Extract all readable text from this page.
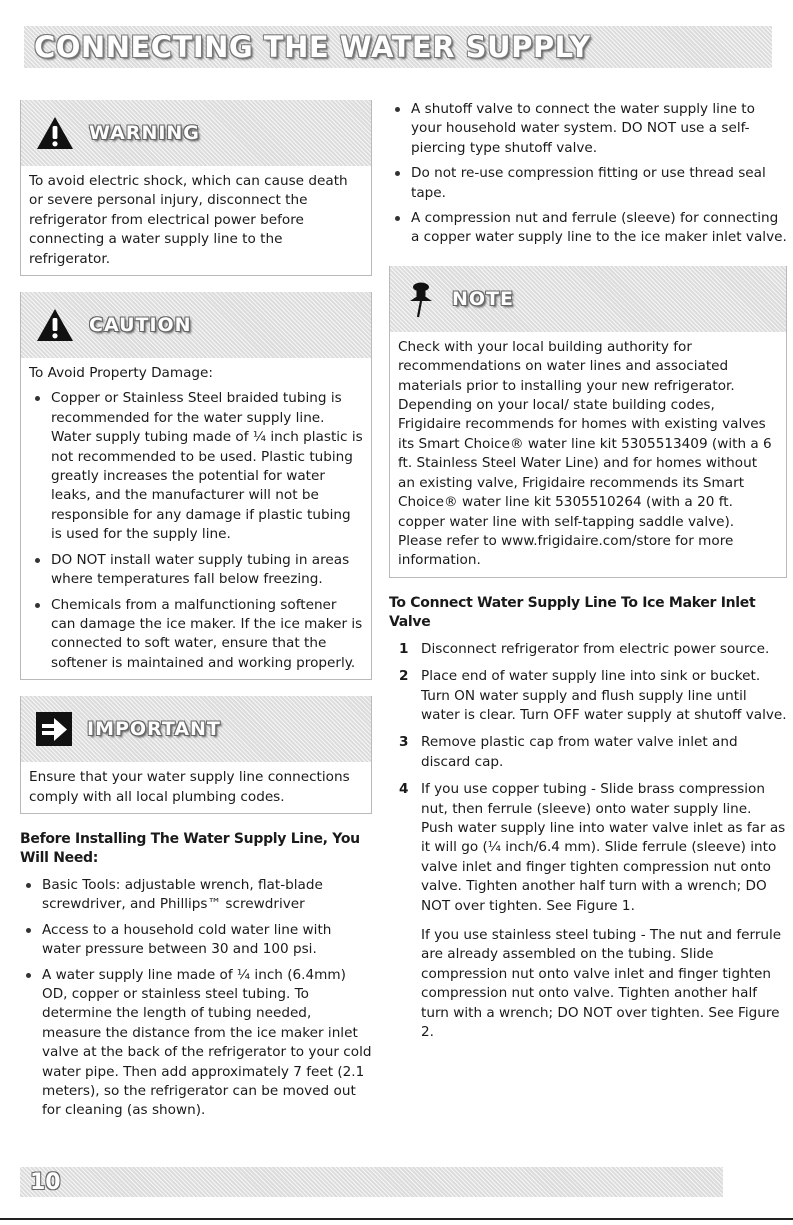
CONNECTING THE WATER SUPPLY
WARNING

To avoid electric shock, which can cause death or severe personal injury, disconnect the refrigerator from electrical power before connecting a water supply line to the refrigerator.

CAUTION

To Avoid Property Damage:

Copper or Stainless Steel braided tubing is recommended for the water supply line. Water supply tubing made of ¼ inch plastic is not recommended to be used. Plastic tubing greatly increases the potential for water leaks, and the manufacturer will not be responsible for any damage if plastic tubing is used for the supply line.
DO NOT install water supply tubing in areas where temperatures fall below freezing.
Chemicals from a malfunctioning softener can damage the ice maker. If the ice maker is connected to soft water, ensure that the softener is maintained and working properly.
IMPORTANT

Ensure that your water supply line connections comply with all local plumbing codes.

Before Installing The Water Supply Line, You Will Need:

Basic Tools: adjustable wrench, flat-blade screwdriver, and Phillips™ screwdriver
Access to a household cold water line with water pressure between 30 and 100 psi.
A water supply line made of ¼ inch (6.4mm) OD, copper or stainless steel tubing. To determine the length of tubing needed, measure the distance from the ice maker inlet valve at the back of the refrigerator to your cold water pipe. Then add approximately 7 feet (2.1 meters), so the refrigerator can be moved out for cleaning (as shown).
A shutoff valve to connect the water supply line to your household water system. DO NOT use a self-piercing type shutoff valve.
Do not re-use compression fitting or use thread seal tape.
A compression nut and ferrule (sleeve) for connecting a copper water supply line to the ice maker inlet valve.
NOTE

Check with your local building authority for recommendations on water lines and associated materials prior to installing your new refrigerator. Depending on your local/ state building codes, Frigidaire recommends for homes with existing valves its Smart Choice® water line kit 5305513409 (with a 6 ft. Stainless Steel Water Line) and for homes without an existing valve, Frigidaire recommends its Smart Choice® water line kit 5305510264 (with a 20 ft. copper water line with self-tapping saddle valve). Please refer to www.frigidaire.com/store for more information.

To Connect Water Supply Line To Ice Maker Inlet Valve

1 Disconnect refrigerator from electric power source.

2 Place end of water supply line into sink or bucket. Turn ON water supply and flush supply line until water is clear. Turn OFF water supply at shutoff valve.

3 Remove plastic cap from water valve inlet and discard cap.

4 If you use copper tubing - Slide brass compression nut, then ferrule (sleeve) onto water supply line. Push water supply line into water valve inlet as far as it will go (¼ inch/6.4 mm). Slide ferrule (sleeve) into valve inlet and finger tighten compression nut onto valve. Tighten another half turn with a wrench; DO NOT over tighten. See Figure 1.

If you use stainless steel tubing - The nut and ferrule are already assembled on the tubing. Slide compression nut onto valve inlet and finger tighten compression nut onto valve. Tighten another half turn with a wrench; DO NOT over tighten. See Figure 2.

10
